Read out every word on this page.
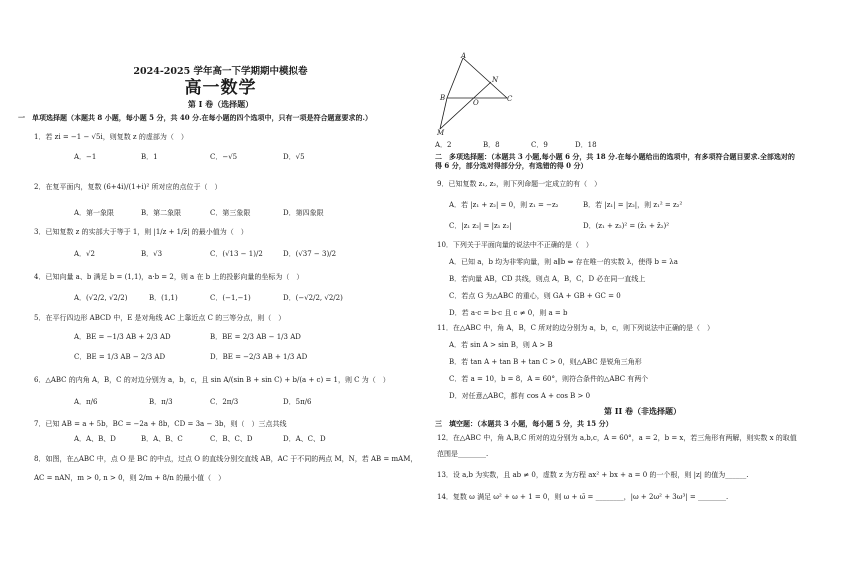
2024-2025 学年高一下学期期中模拟卷
高一数学
第 I 卷（选择题）
一　单项选择题（本题共 8 小题，每小题 5 分，共 40 分.在每小题的四个选项中，只有一项是符合题意要求的.）
1．若 zi = −1 − √5i，则复数 z 的虚部为（　）
A．−1	B．1	C．−√5	D．√5
2．在复平面内，复数 (6+4i)/(1+i)² 所对应的点位于（　）
A．第一象限	B．第二象限	C．第三象限	D．第四象限
3．已知复数 z 的实部大于等于 1，则 |1/z + 1/z̄| 的最小值为（　）
A．√2	B．√3	C．(√13 − 1)/2	D．(√37 − 3)/2
4．已知向量 a、b 满足 b = (1,1)，a·b = 2，则 a 在 b 上的投影向量的坐标为（　）
A．(√2/2, √2/2)	B．(1,1)	C．(−1,−1)	D．(−√2/2, √2/2)
5．在平行四边形 ABCD 中，E 是对角线 AC 上靠近点 C 的三等分点，则（　）
A．BE = −1/3 AB + 2/3 AD	B．BE = 2/3 AB − 1/3 AD
C．BE = 1/3 AB − 2/3 AD	D．BE = −2/3 AB + 1/3 AD
6．△ABC 的内角 A，B，C 的对边分别为 a，b，c，且 sin A/(sin B + sin C) + b/(a + c) = 1，则 C 为（　）
A．π/6	B．π/3	C．2π/3	D．5π/6
7．已知 AB = a + 5b，BC = −2a + 8b，CD = 3a − 3b，则（　）三点共线
A．A、B、D	B．A、B、C	C．B、C、D	D．A、C、D
8．如图，在△ABC 中，点 O 是 BC 的中点，过点 O 的直线分别交直线 AB，AC 于不同的两点 M，N，若 AB = mAM，
AC = nAN，m > 0, n > 0，则 2/m + 8/n 的最小值（　）
A
N
B
O	C
M
A．2	B．8	C．9	D．18
二　多项选择题：（本题共 3 小题,每小题 6 分，共 18 分.在每小题给出的选项中，有多项符合题目要求.全部选对的
得 6 分，部分选对得部分分，有选错的得 0 分）
9．已知复数 z₁, z₂，则下列命题一定成立的有（　）
A．若 |z₁ + z₂| = 0，则 z₁ = −z₂	B．若 |z₁| = |z₂|，则 z₁² = z₂²
C．|z₁ z₂| = |z₁ z₂|	D．(z₁ + z₂)² = (z̄₁ + z̄₂)²
10．下列关于平面向量的说法中不正确的是（　）
A．已知 a，b 均为非零向量，则 a∥b ⇔ 存在唯一的实数 λ，使得 b = λa
B．若向量 AB，CD 共线，则点 A，B，C，D 必在同一直线上
C．若点 G 为△ABC 的重心，则 GA + GB + GC = 0
D．若 a·c = b·c 且 c ≠ 0，则 a = b
11．在△ABC 中，角 A，B，C 所对的边分别为 a，b，c，则下列说法中正确的是（　）
A．若 sin A > sin B，则 A > B
B．若 tan A + tan B + tan C > 0，则△ABC 是锐角三角形
C．若 a = 10，b = 8，A = 60°，则符合条件的△ABC 有两个
D．对任意△ABC，都有 cos A + cos B > 0
第 II 卷（非选择题）
三　填空题：（本题共 3 小题，每小题 5 分，共 15 分）
12．在△ABC 中，角 A,B,C 所对的边分别为 a,b,c，A = 60°，a = 2，b = x，若三角形有两解，则实数 x 的取值
范围是________.
13．设 a,b 为实数，且 ab ≠ 0，虚数 z 为方程 ax² + bx + a = 0 的一个根，则 |z| 的值为______.
14．复数 ω 满足 ω² + ω + 1 = 0，则 ω + ω̄ = ________，|ω + 2ω² + 3ω³| = ________.
